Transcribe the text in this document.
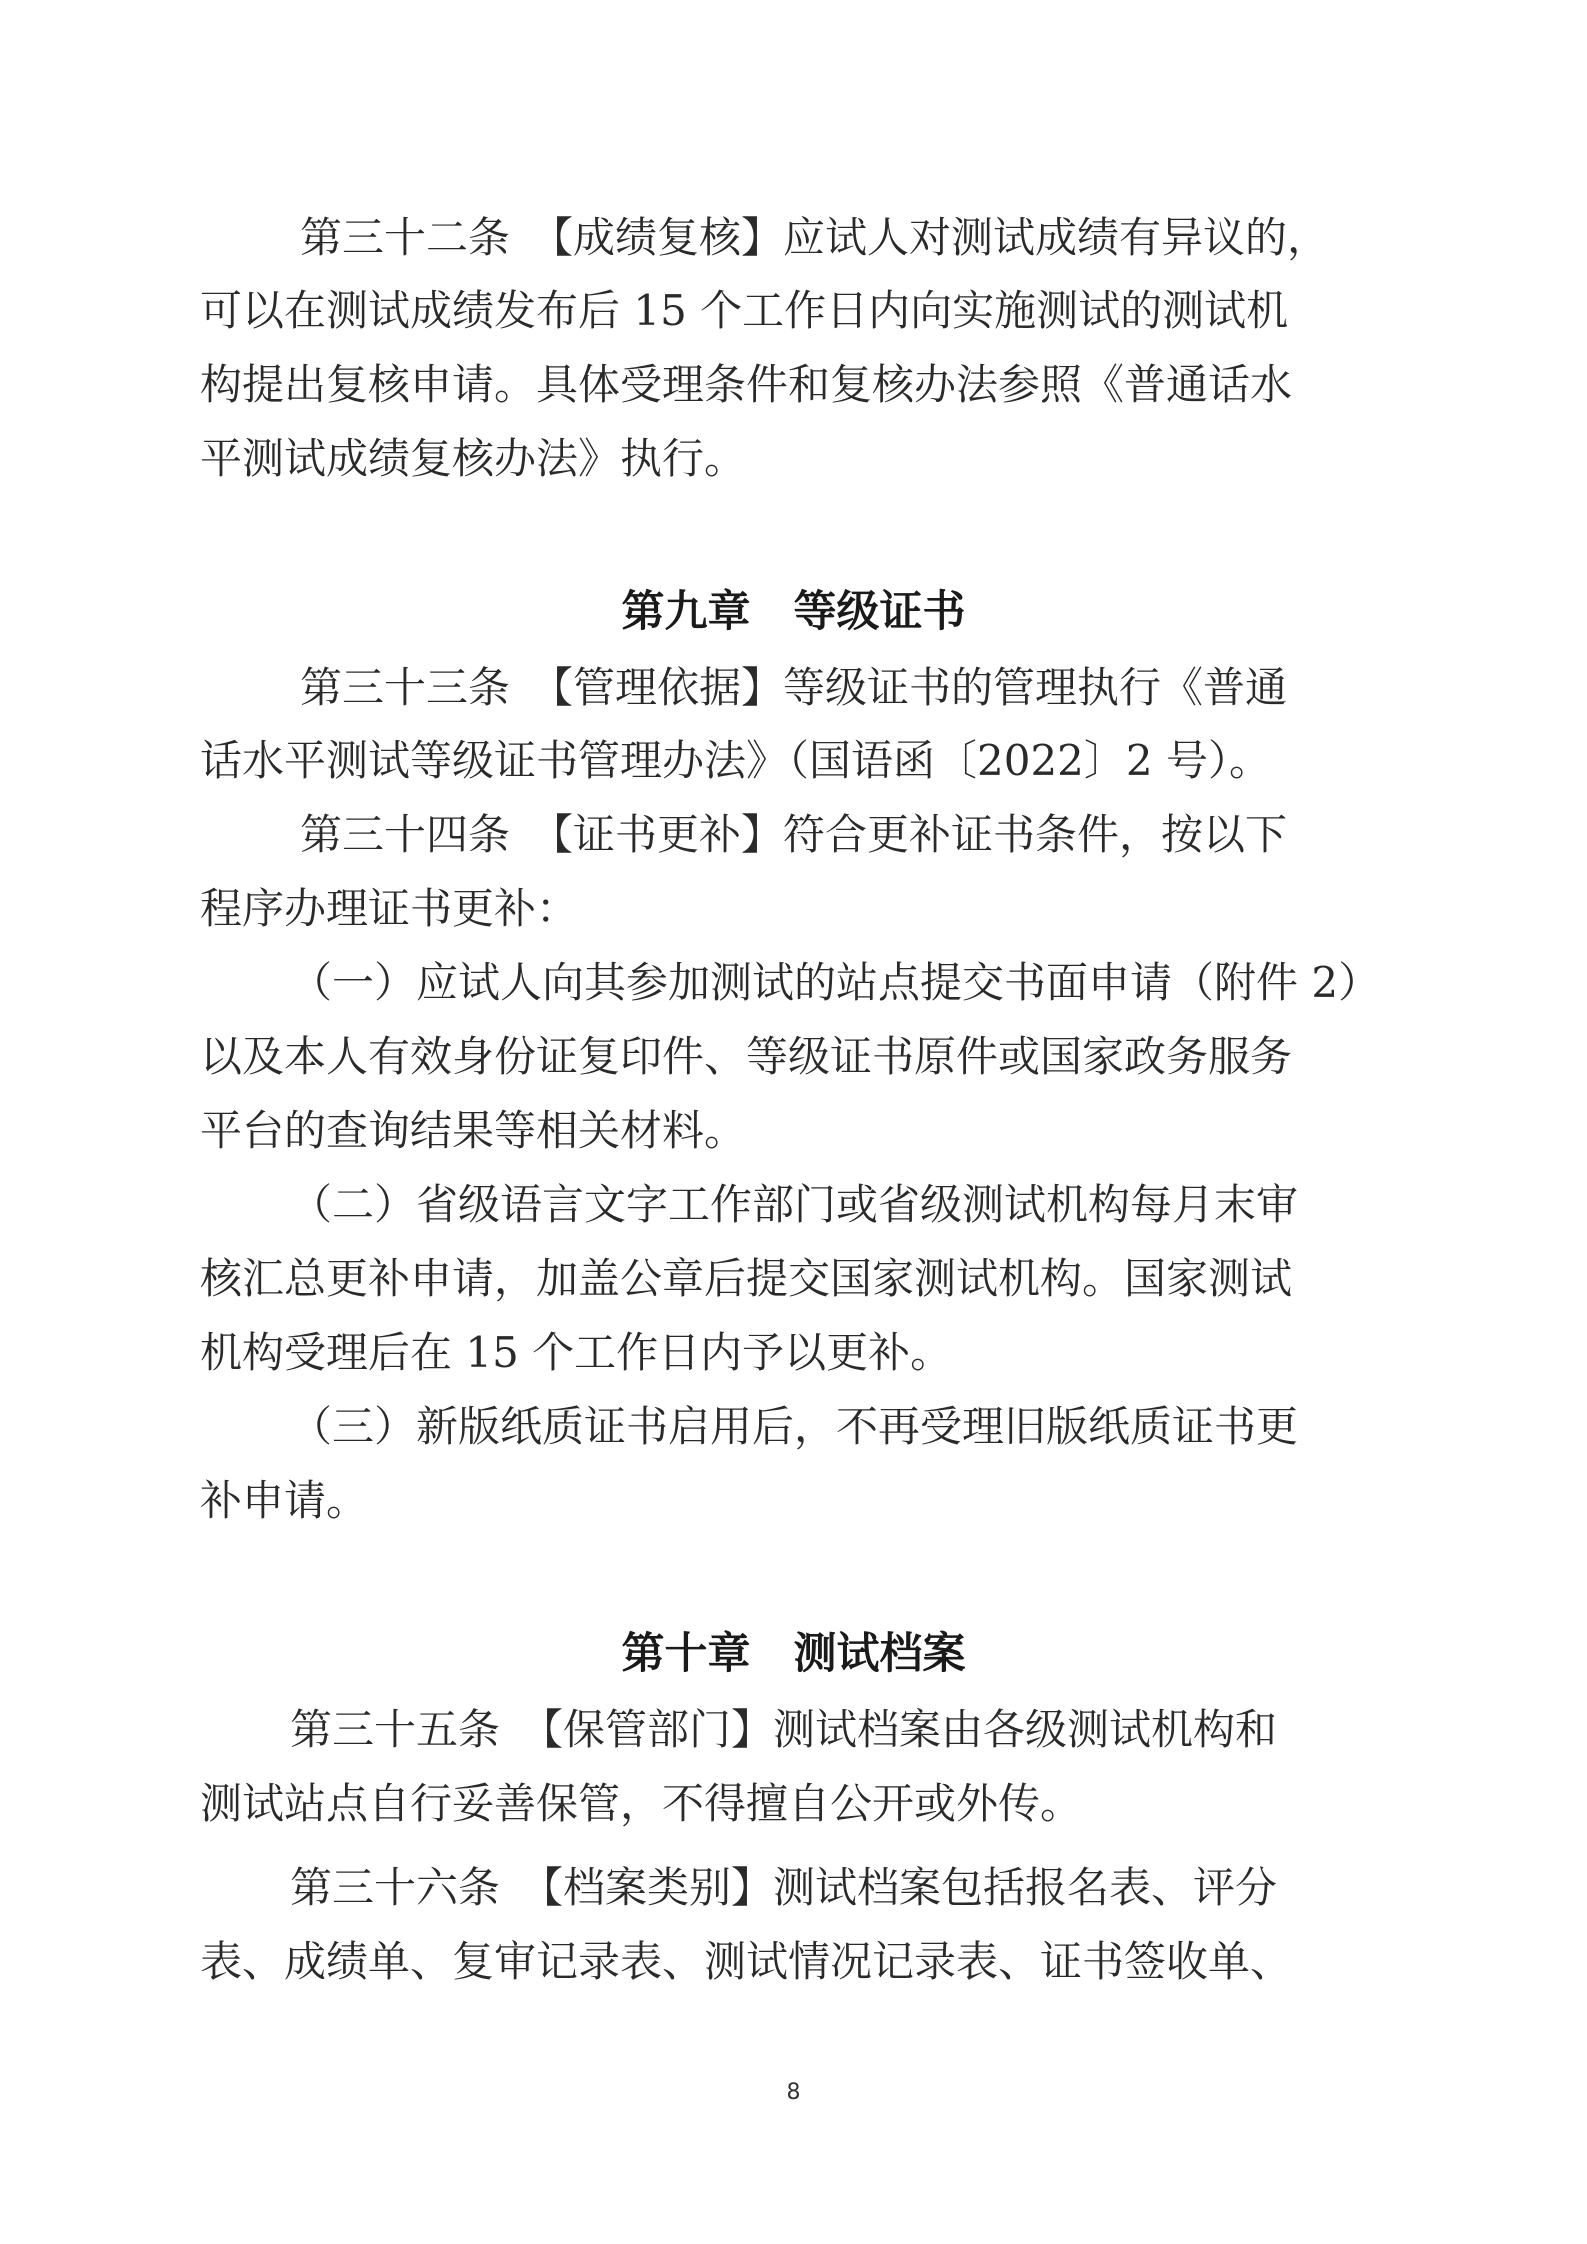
第三十二条　【成绩复核】应试人对测试成绩有异议的，

可以在测试成绩发布后 15 个工作日内向实施测试的测试机

构提出复核申请。具体受理条件和复核办法参照《普通话水

平测试成绩复核办法》执行。

第九章　等级证书

第三十三条　【管理依据】等级证书的管理执行《普通

话水平测试等级证书管理办法》（国语函〔2022〕2 号）。

第三十四条　【证书更补】符合更补证书条件，按以下

程序办理证书更补：

（一）应试人向其参加测试的站点提交书面申请（附件 2）

以及本人有效身份证复印件、等级证书原件或国家政务服务

平台的查询结果等相关材料。

（二）省级语言文字工作部门或省级测试机构每月末审

核汇总更补申请，加盖公章后提交国家测试机构。国家测试

机构受理后在 15 个工作日内予以更补。

（三）新版纸质证书启用后，不再受理旧版纸质证书更

补申请。

第十章　测试档案

第三十五条　【保管部门】测试档案由各级测试机构和

测试站点自行妥善保管，不得擅自公开或外传。

第三十六条　【档案类别】测试档案包括报名表、评分

表、成绩单、复审记录表、测试情况记录表、证书签收单、

8
